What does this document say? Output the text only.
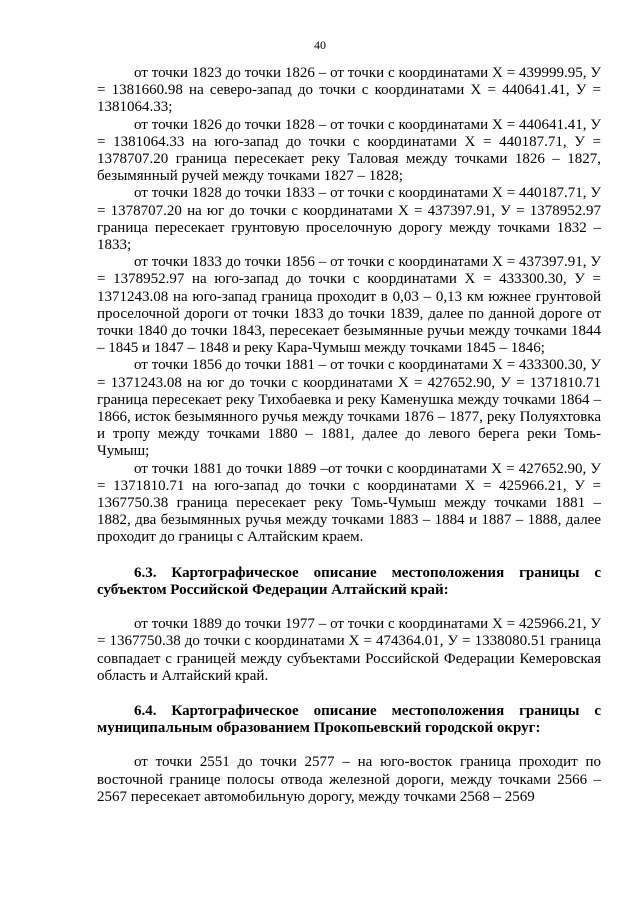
40

от точки 1823 до точки 1826 – от точки с координатами X = 439999.95, У = 1381660.98 на северо-запад до точки с координатами X = 440641.41, У = 1381064.33;

от точки 1826 до точки 1828 – от точки с координатами X = 440641.41, У = 1381064.33 на юго-запад до точки с координатами X = 440187.71, У = 1378707.20 граница пересекает реку Таловая между точками 1826 – 1827, безымянный ручей между точками 1827 – 1828;

от точки 1828 до точки 1833 – от точки с координатами X = 440187.71, У = 1378707.20 на юг до точки с координатами X = 437397.91, У = 1378952.97 граница пересекает грунтовую проселочную дорогу между точками 1832 – 1833;

от точки 1833 до точки 1856 – от точки с координатами X = 437397.91, У = 1378952.97 на юго-запад до точки с координатами X = 433300.30, У = 1371243.08 на юго-запад граница проходит в 0,03 – 0,13 км южнее грунтовой проселочной дороги от точки 1833 до точки 1839, далее по данной дороге от точки 1840 до точки 1843, пересекает безымянные ручьи между точками 1844 – 1845 и 1847 – 1848 и реку Кара-Чумыш между точками 1845 – 1846;

от точки 1856 до точки 1881 – от точки с координатами X = 433300.30, У = 1371243.08 на юг до точки с координатами X = 427652.90, У = 1371810.71 граница пересекает реку Тихобаевка и реку Каменушка между точками 1864 – 1866, исток безымянного ручья между точками 1876 – 1877, реку Полуяхтовка и тропу между точками 1880 – 1881, далее до левого берега реки Томь-Чумыш;

от точки 1881 до точки 1889 –от точки с координатами X = 427652.90, У = 1371810.71 на юго-запад до точки с координатами X = 425966.21, У = 1367750.38 граница пересекает реку Томь-Чумыш между точками 1881 – 1882, два безымянных ручья между точками 1883 – 1884 и 1887 – 1888, далее проходит до границы с Алтайским краем.

6.3. Картографическое описание местоположения границы с субъектом Российской Федерации Алтайский край:

от точки 1889 до точки 1977 – от точки с координатами X = 425966.21, У = 1367750.38 до точки с координатами X = 474364.01, У = 1338080.51 граница совпадает с границей между субъектами Российской Федерации Кемеровская область и Алтайский край.

6.4. Картографическое описание местоположения границы с муниципальным образованием Прокопьевский городской округ:

от точки 2551 до точки 2577 – на юго-восток граница проходит по восточной границе полосы отвода железной дороги, между точками 2566 – 2567 пересекает автомобильную дорогу, между точками 2568 – 2569
